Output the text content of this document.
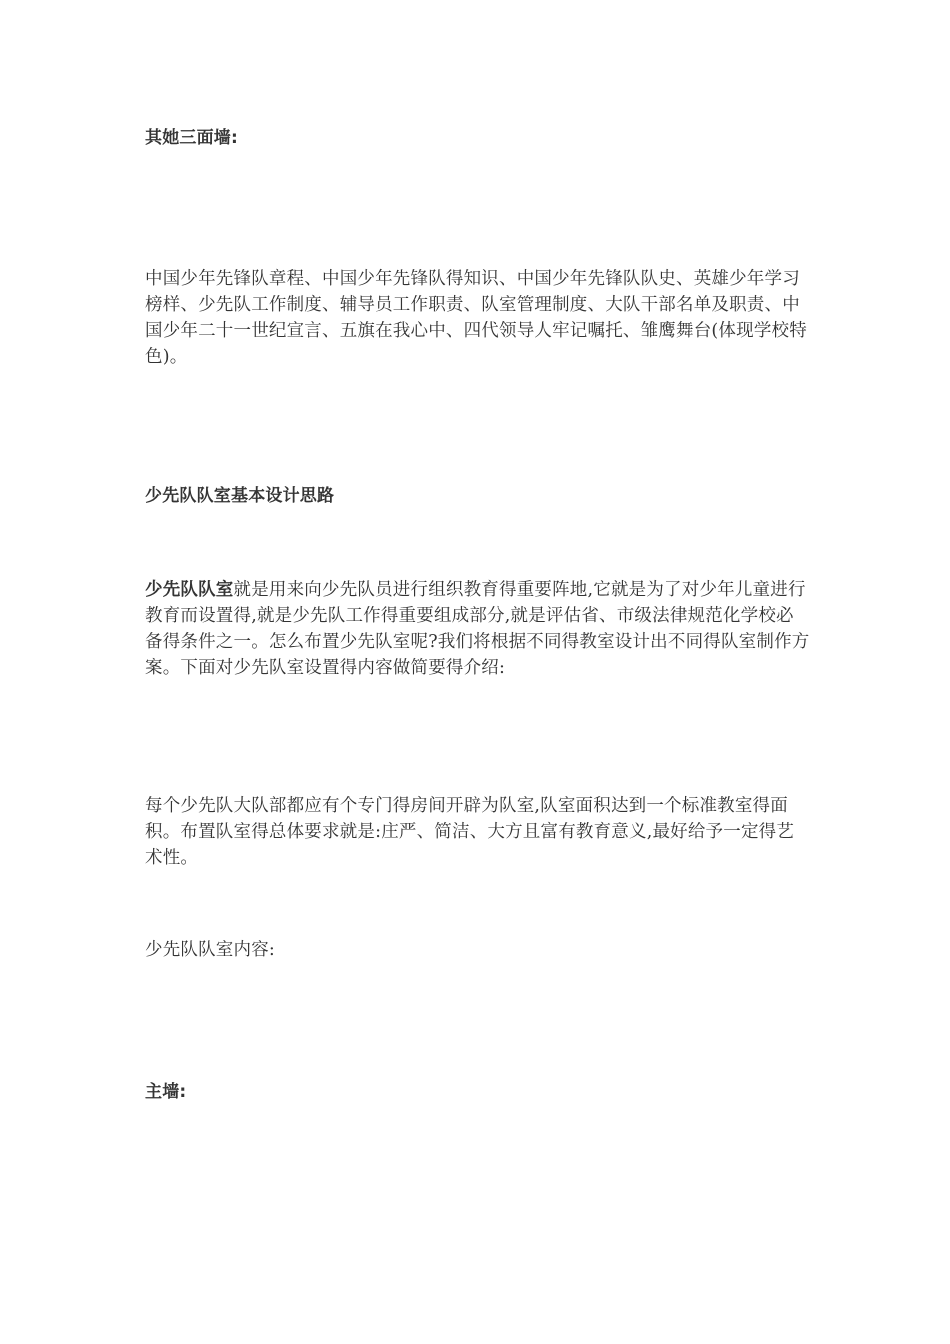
其她三面墙:
中国少年先锋队章程、中国少年先锋队得知识、中国少年先锋队队史、英雄少年学习榜样、少先队工作制度、辅导员工作职责、队室管理制度、大队干部名单及职责、中国少年二十一世纪宣言、五旗在我心中、四代领导人牢记嘱托、雏鹰舞台(体现学校特色)。
少先队队室基本设计思路
少先队队室就是用来向少先队员进行组织教育得重要阵地,它就是为了对少年儿童进行教育而设置得,就是少先队工作得重要组成部分,就是评估省、市级法律规范化学校必备得条件之一。怎么布置少先队室呢?我们将根据不同得教室设计出不同得队室制作方案。下面对少先队室设置得内容做简要得介绍:
每个少先队大队部都应有个专门得房间开辟为队室,队室面积达到一个标准教室得面积。布置队室得总体要求就是:庄严、简洁、大方且富有教育意义,最好给予一定得艺术性。
少先队队室内容:
主墙:
